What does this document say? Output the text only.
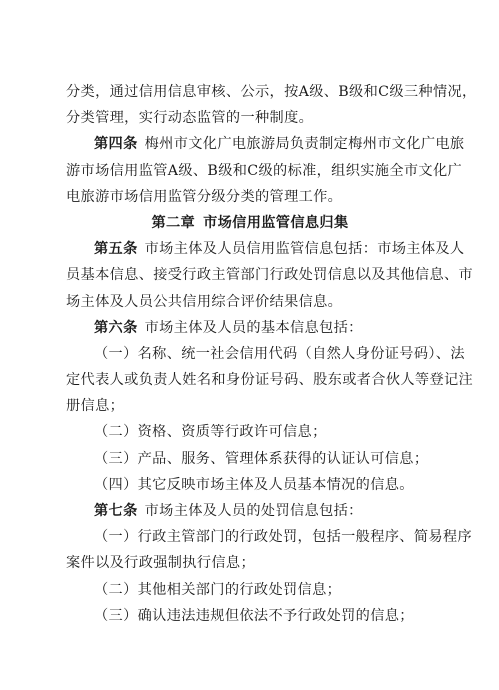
分类，通过信用信息审核、公示，按A级、B级和C级三种情况，
分类管理，实行动态监管的一种制度。
第四条 梅州市文化广电旅游局负责制定梅州市文化广电旅
游市场信用监管A级、B级和C级的标准，组织实施全市文化广
电旅游市场信用监管分级分类的管理工作。
第二章 市场信用监管信息归集
第五条 市场主体及人员信用监管信息包括：市场主体及人
员基本信息、接受行政主管部门行政处罚信息以及其他信息、市
场主体及人员公共信用综合评价结果信息。
第六条 市场主体及人员的基本信息包括：
（一）名称、统一社会信用代码（自然人身份证号码）、法
定代表人或负责人姓名和身份证号码、股东或者合伙人等登记注
册信息；
（二）资格、资质等行政许可信息；
（三）产品、服务、管理体系获得的认证认可信息；
（四）其它反映市场主体及人员基本情况的信息。
第七条 市场主体及人员的处罚信息包括：
（一）行政主管部门的行政处罚，包括一般程序、简易程序
案件以及行政强制执行信息；
（二）其他相关部门的行政处罚信息；
（三）确认违法违规但依法不予行政处罚的信息；
